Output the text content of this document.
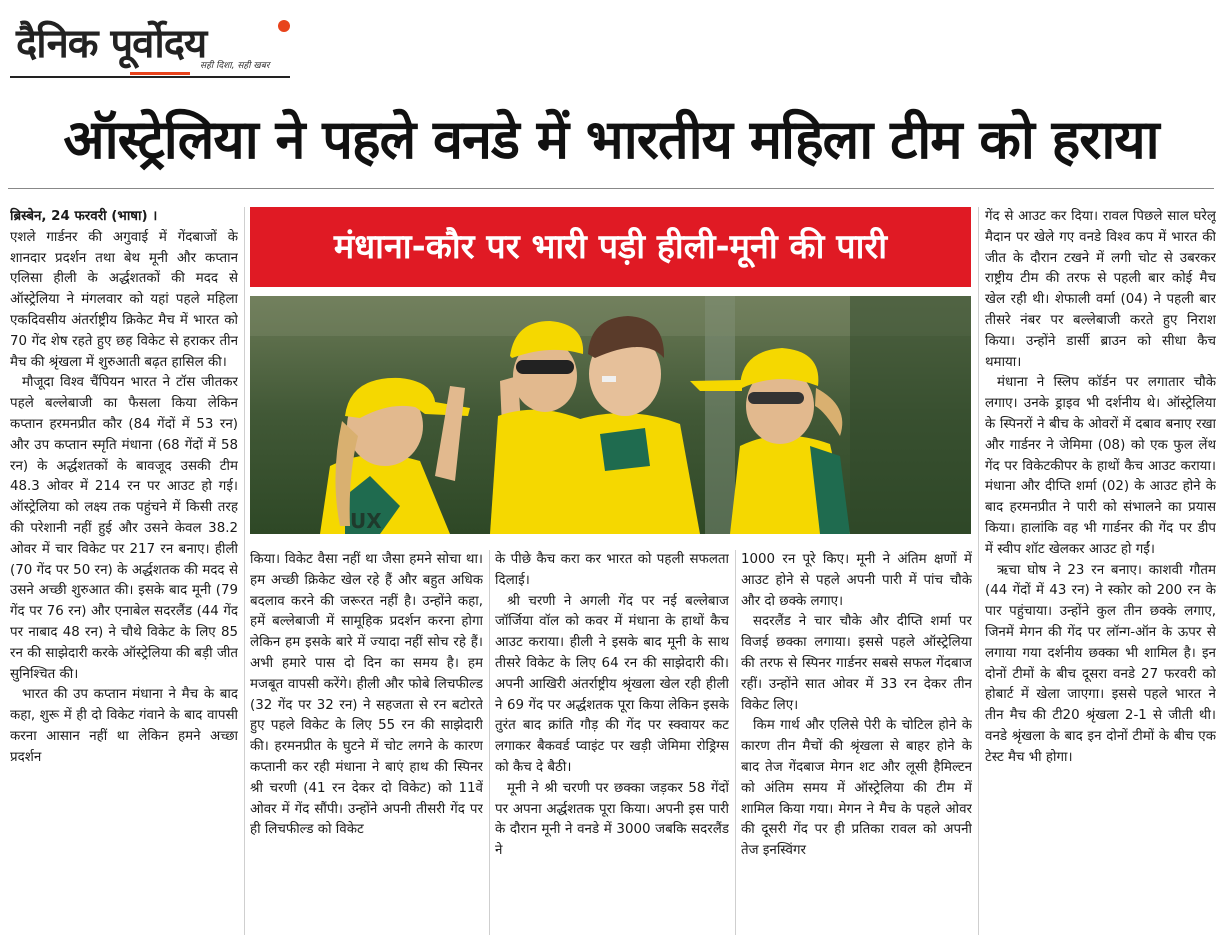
दैनिक पूर्वोदय
सही दिशा, सही खबर
ऑस्ट्रेलिया ने पहले वनडे में भारतीय महिला टीम को हराया
मंधाना-कौर पर भारी पड़ी हीली-मूनी की पारी
UX

ब्रिस्बेन, 24 फरवरी (भाषा) ।

एशले गार्डनर की अगुवाई में गेंदबाजों के शानदार प्रदर्शन तथा बेथ मूनी और कप्तान एलिसा हीली के अर्द्धशतकों की मदद से ऑस्ट्रेलिया ने मंगलवार को यहां पहले महिला एकदिवसीय अंतर्राष्ट्रीय क्रिकेट मैच में भारत को 70 गेंद शेष रहते हुए छह विकेट से हराकर तीन मैच की श्रृंखला में शुरुआती बढ़त हासिल की।

मौजूदा विश्व चैंपियन भारत ने टॉस जीतकर पहले बल्लेबाजी का फैसला किया लेकिन कप्तान हरमनप्रीत कौर (84 गेंदों में 53 रन) और उप कप्तान स्मृति मंधाना (68 गेंदों में 58 रन) के अर्द्धशतकों के बावजूद उसकी टीम 48.3 ओवर में 214 रन पर आउट हो गई। ऑस्ट्रेलिया को लक्ष्य तक पहुंचने में किसी तरह की परेशानी नहीं हुई और उसने केवल 38.2 ओवर में चार विकेट पर 217 रन बनाए। हीली (70 गेंद पर 50 रन) के अर्द्धशतक की मदद से उसने अच्छी शुरुआत की। इसके बाद मूनी (79 गेंद पर 76 रन) और एनाबेल सदरलैंड (44 गेंद पर नाबाद 48 रन) ने चौथे विकेट के लिए 85 रन की साझेदारी करके ऑस्ट्रेलिया की बड़ी जीत सुनिश्चित की।

भारत की उप कप्तान मंधाना ने मैच के बाद कहा, शुरू में ही दो विकेट गंवाने के बाद वापसी करना आसान नहीं था लेकिन हमने अच्छा प्रदर्शन

किया। विकेट वैसा नहीं था जैसा हमने सोचा था। हम अच्छी क्रिकेट खेल रहे हैं और बहुत अधिक बदलाव करने की जरूरत नहीं है। उन्होंने कहा, हमें बल्लेबाजी में सामूहिक प्रदर्शन करना होगा लेकिन हम इसके बारे में ज्यादा नहीं सोच रहे हैं। अभी हमारे पास दो दिन का समय है। हम मजबूत वापसी करेंगे। हीली और फोबे लिचफील्ड (32 गेंद पर 32 रन) ने सहजता से रन बटोरते हुए पहले विकेट के लिए 55 रन की साझेदारी की। हरमनप्रीत के घुटने में चोट लगने के कारण कप्तानी कर रही मंधाना ने बाएं हाथ की स्पिनर श्री चरणी (41 रन देकर दो विकेट) को 11वें ओवर में गेंद सौंपी। उन्होंने अपनी तीसरी गेंद पर ही लिचफील्ड को विकेट

के पीछे कैच करा कर भारत को पहली सफलता दिलाई।

श्री चरणी ने अगली गेंद पर नई बल्लेबाज जॉर्जिया वॉल को कवर में मंधाना के हाथों कैच आउट कराया। हीली ने इसके बाद मूनी के साथ तीसरे विकेट के लिए 64 रन की साझेदारी की। अपनी आखिरी अंतर्राष्ट्रीय श्रृंखला खेल रही हीली ने 69 गेंद पर अर्द्धशतक पूरा किया लेकिन इसके तुरंत बाद क्रांति गौड़ की गेंद पर स्क्वायर कट लगाकर बैकवर्ड प्वाइंट पर खड़ी जेमिमा रोड्रिग्स को कैच दे बैठी।

मूनी ने श्री चरणी पर छक्का जड़कर 58 गेंदों पर अपना अर्द्धशतक पूरा किया। अपनी इस पारी के दौरान मूनी ने वनडे में 3000 जबकि सदरलैंड ने

1000 रन पूरे किए। मूनी ने अंतिम क्षणों में आउट होने से पहले अपनी पारी में पांच चौके और दो छक्के लगाए।

सदरलैंड ने चार चौके और दीप्ति शर्मा पर विजई छक्का लगाया। इससे पहले ऑस्ट्रेलिया की तरफ से स्पिनर गार्डनर सबसे सफल गेंदबाज रहीं। उन्होंने सात ओवर में 33 रन देकर तीन विकेट लिए।

किम गार्थ और एलिसे पेरी के चोटिल होने के कारण तीन मैचों की श्रृंखला से बाहर होने के बाद तेज गेंदबाज मेगन शट और लूसी हैमिल्टन को अंतिम समय में ऑस्ट्रेलिया की टीम में शामिल किया गया। मेगन ने मैच के पहले ओवर की दूसरी गेंद पर ही प्रतिका रावल को अपनी तेज इनस्विंगर

गेंद से आउट कर दिया। रावल पिछले साल घरेलू मैदान पर खेले गए वनडे विश्व कप में भारत की जीत के दौरान टखने में लगी चोट से उबरकर राष्ट्रीय टीम की तरफ से पहली बार कोई मैच खेल रही थी। शेफाली वर्मा (04) ने पहली बार तीसरे नंबर पर बल्लेबाजी करते हुए निराश किया। उन्होंने डार्सी ब्राउन को सीधा कैच थमाया।

मंधाना ने स्लिप कॉर्डन पर लगातार चौके लगाए। उनके ड्राइव भी दर्शनीय थे। ऑस्ट्रेलिया के स्पिनरों ने बीच के ओवरों में दबाव बनाए रखा और गार्डनर ने जेमिमा (08) को एक फुल लेंथ गेंद पर विकेटकीपर के हाथों कैच आउट कराया। मंधाना और दीप्ति शर्मा (02) के आउट होने के बाद हरमनप्रीत ने पारी को संभालने का प्रयास किया। हालांकि वह भी गार्डनर की गेंद पर डीप में स्वीप शॉट खेलकर आउट हो गईं।

ऋचा घोष ने 23 रन बनाए। काशवी गौतम (44 गेंदों में 43 रन) ने स्कोर को 200 रन के पार पहुंचाया। उन्होंने कुल तीन छक्के लगाए, जिनमें मेगन की गेंद पर लॉन्ग-ऑन के ऊपर से लगाया गया दर्शनीय छक्का भी शामिल है। इन दोनों टीमों के बीच दूसरा वनडे 27 फरवरी को होबार्ट में खेला जाएगा। इससे पहले भारत ने तीन मैच की टी20 श्रृंखला 2-1 से जीती थी। वनडे श्रृंखला के बाद इन दोनों टीमों के बीच एक टेस्ट मैच भी होगा।
